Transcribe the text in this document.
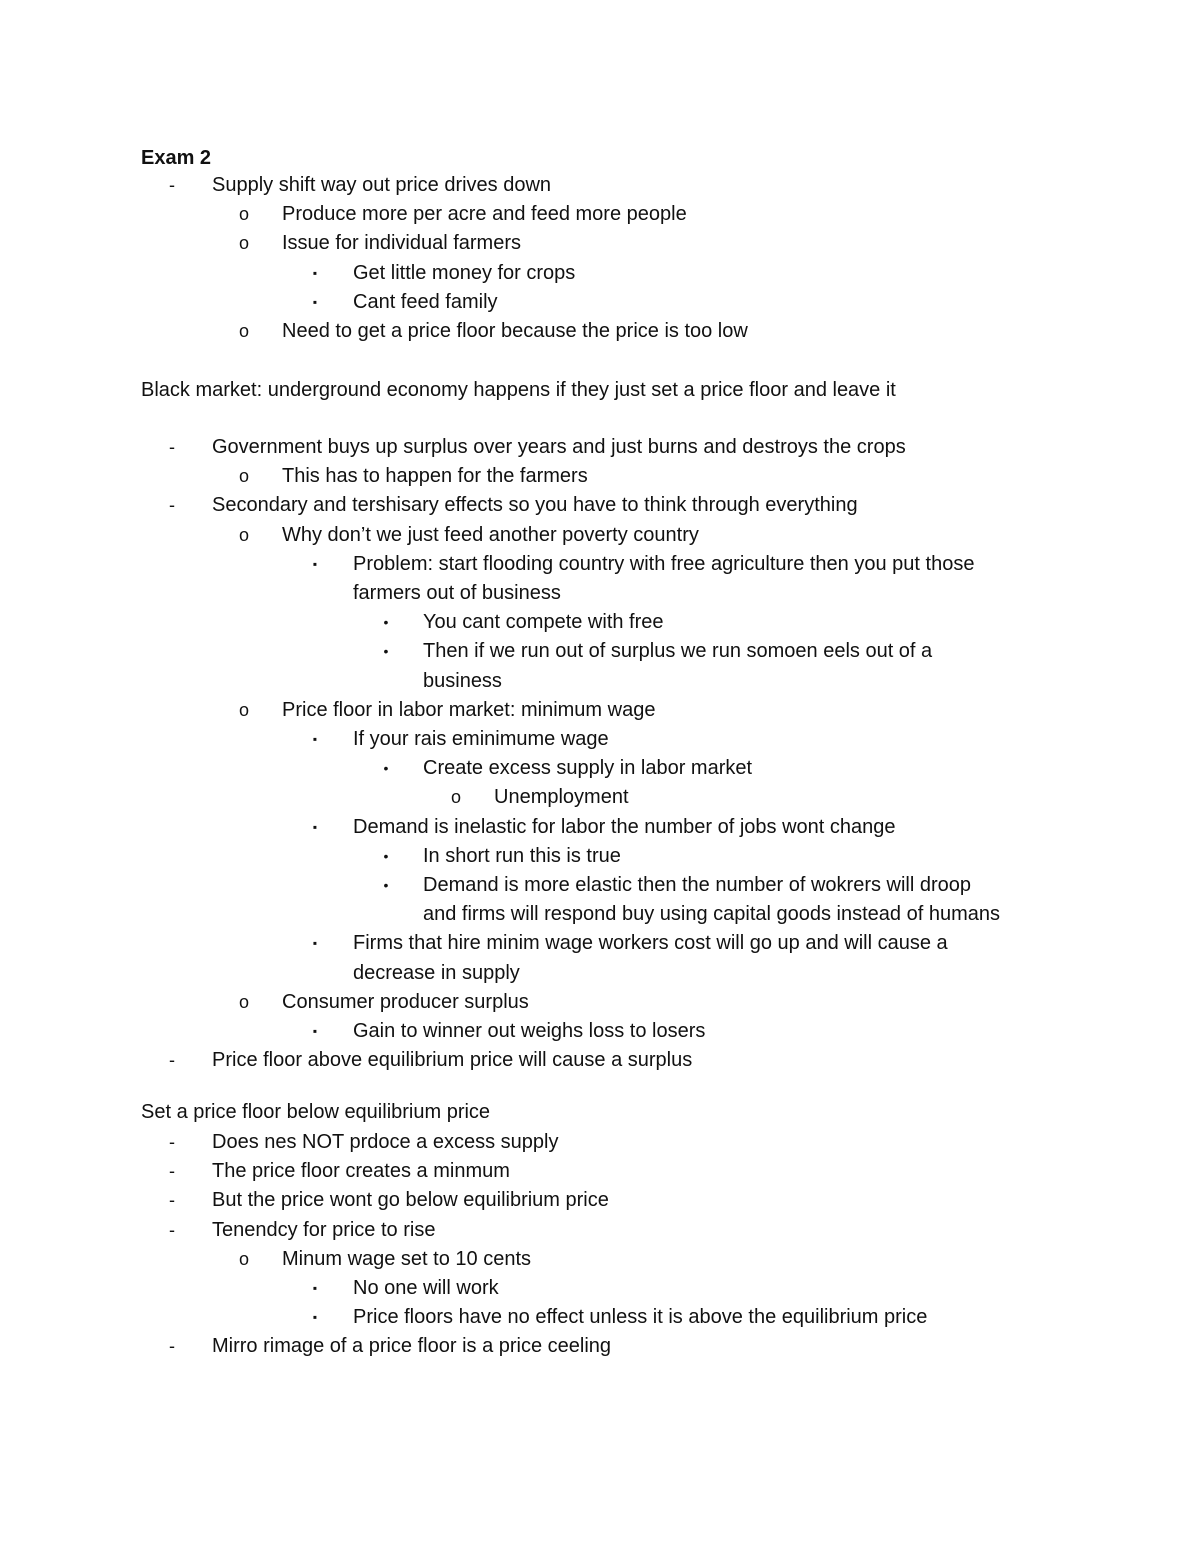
Exam 2
-	Supply shift way out price drives down
o Produce more per acre and feed more people
o Issue for individual farmers
▪	Get little money for crops
▪	Cant feed family
o Need to get a price floor because the price is too low
Black market: underground economy happens if they just set a price floor and leave it
-	Government buys up surplus over years and just burns and destroys the crops
o This has to happen for the farmers
-	Secondary and tershisary effects so you have to think through everything
o Why don’t we just feed another poverty country
▪	Problem: start flooding country with free agriculture then you put those
farmers out of business
•	You cant compete with free
•	Then if we run out of surplus we run somoen eels out of a
business
o Price floor in labor market: minimum wage
▪	If your rais eminimume wage
•	Create excess supply in labor market
o Unemployment
▪	Demand is inelastic for labor the number of jobs wont change
•	In short run this is true
•	Demand is more elastic then the number of wokrers will droop
and firms will respond buy using capital goods instead of humans
▪	Firms that hire minim wage workers cost will go up and will cause a
decrease in supply
o Consumer producer surplus
▪	Gain to winner out weighs loss to losers
-	Price floor above equilibrium price will cause a surplus
Set a price floor below equilibrium price
-	Does nes NOT prdoce a excess supply
-	The price floor creates a minmum
-	But the price wont go below equilibrium price
-	Tenendcy for price to rise
o Minum wage set to 10 cents
▪	No one will work
▪	Price floors have no effect unless it is above the equilibrium price
-	Mirro rimage of a price floor is a price ceeling
